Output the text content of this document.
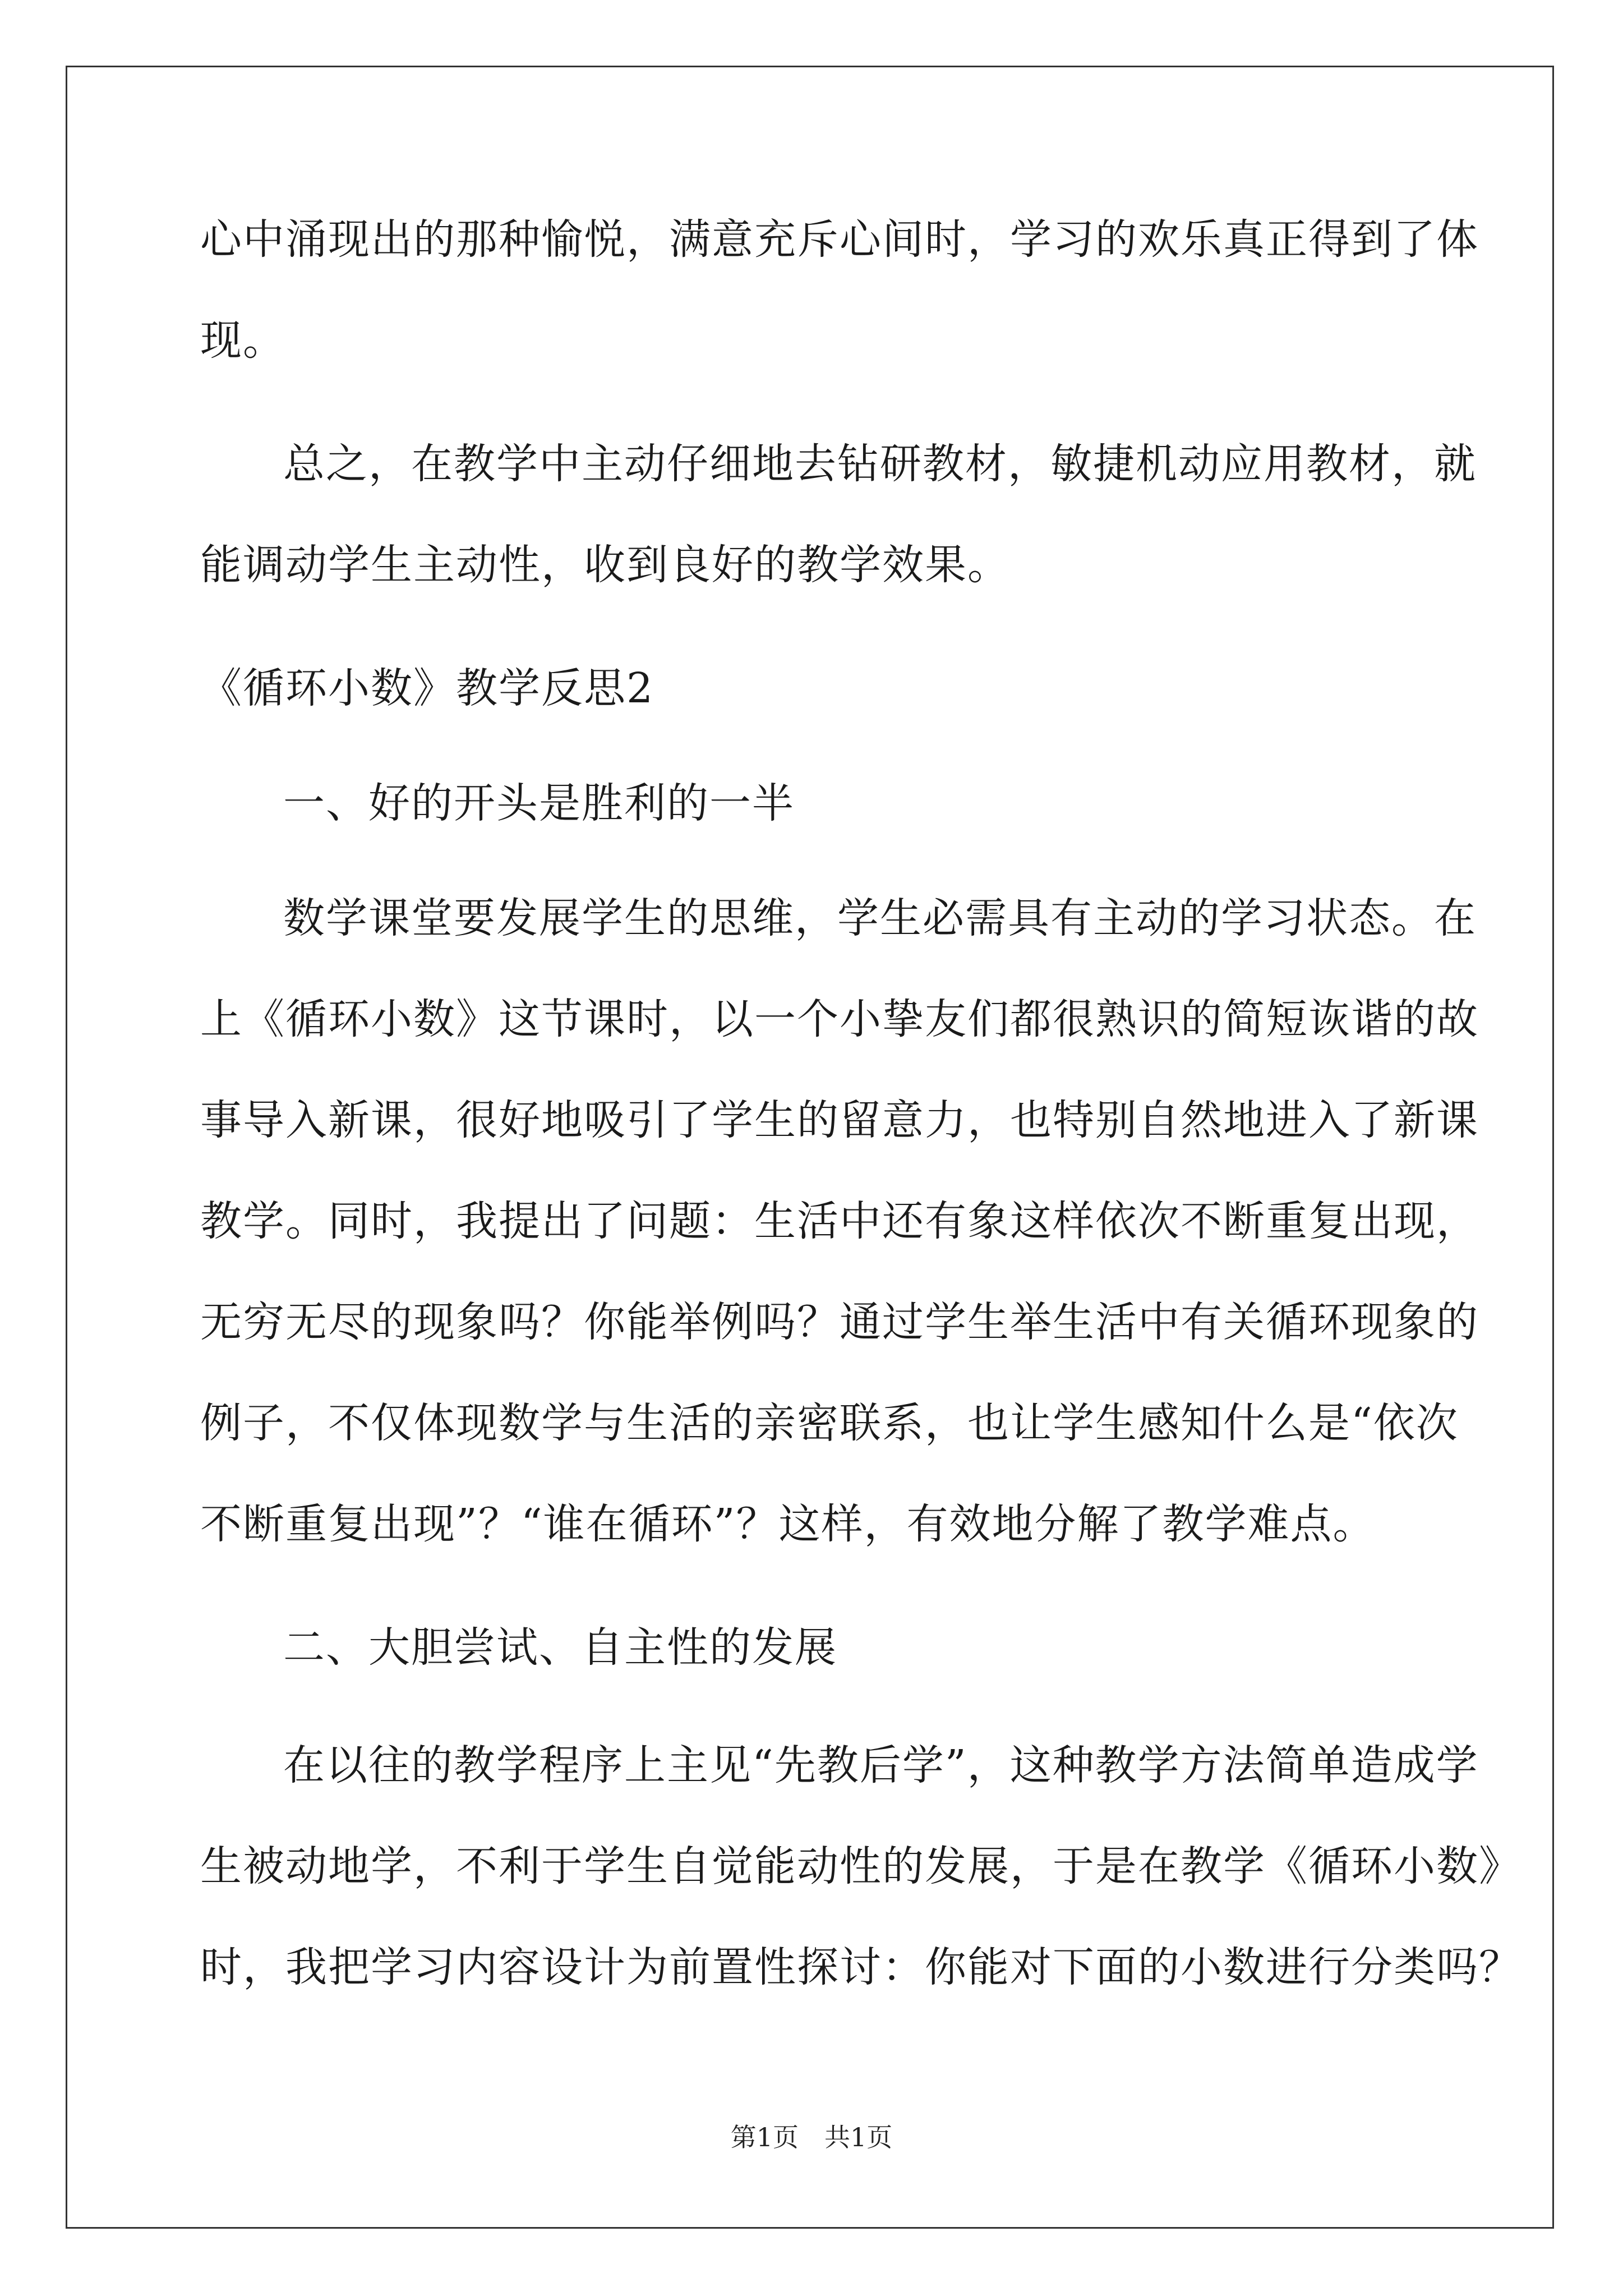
心中涌现出的那种愉悦，满意充斥心间时，学习的欢乐真正得到了体
现。
总之，在教学中主动仔细地去钻研教材，敏捷机动应用教材，就
能调动学生主动性，收到良好的教学效果。
《循环小数》教学反思2
一、好的开头是胜利的一半
数学课堂要发展学生的思维，学生必需具有主动的学习状态。在
上《循环小数》这节课时，以一个小挚友们都很熟识的简短诙谐的故
事导入新课，很好地吸引了学生的留意力，也特别自然地进入了新课
教学。同时，我提出了问题：生活中还有象这样依次不断重复出现，
无穷无尽的现象吗？你能举例吗？通过学生举生活中有关循环现象的
例子，不仅体现数学与生活的亲密联系，也让学生感知什么是“依次
不断重复出现”？“谁在循环”？这样，有效地分解了教学难点。
二、大胆尝试、自主性的发展
在以往的教学程序上主见“先教后学”，这种教学方法简单造成学
生被动地学，不利于学生自觉能动性的发展，于是在教学《循环小数》
时，我把学习内容设计为前置性探讨：你能对下面的小数进行分类吗？
第1页　共1页
